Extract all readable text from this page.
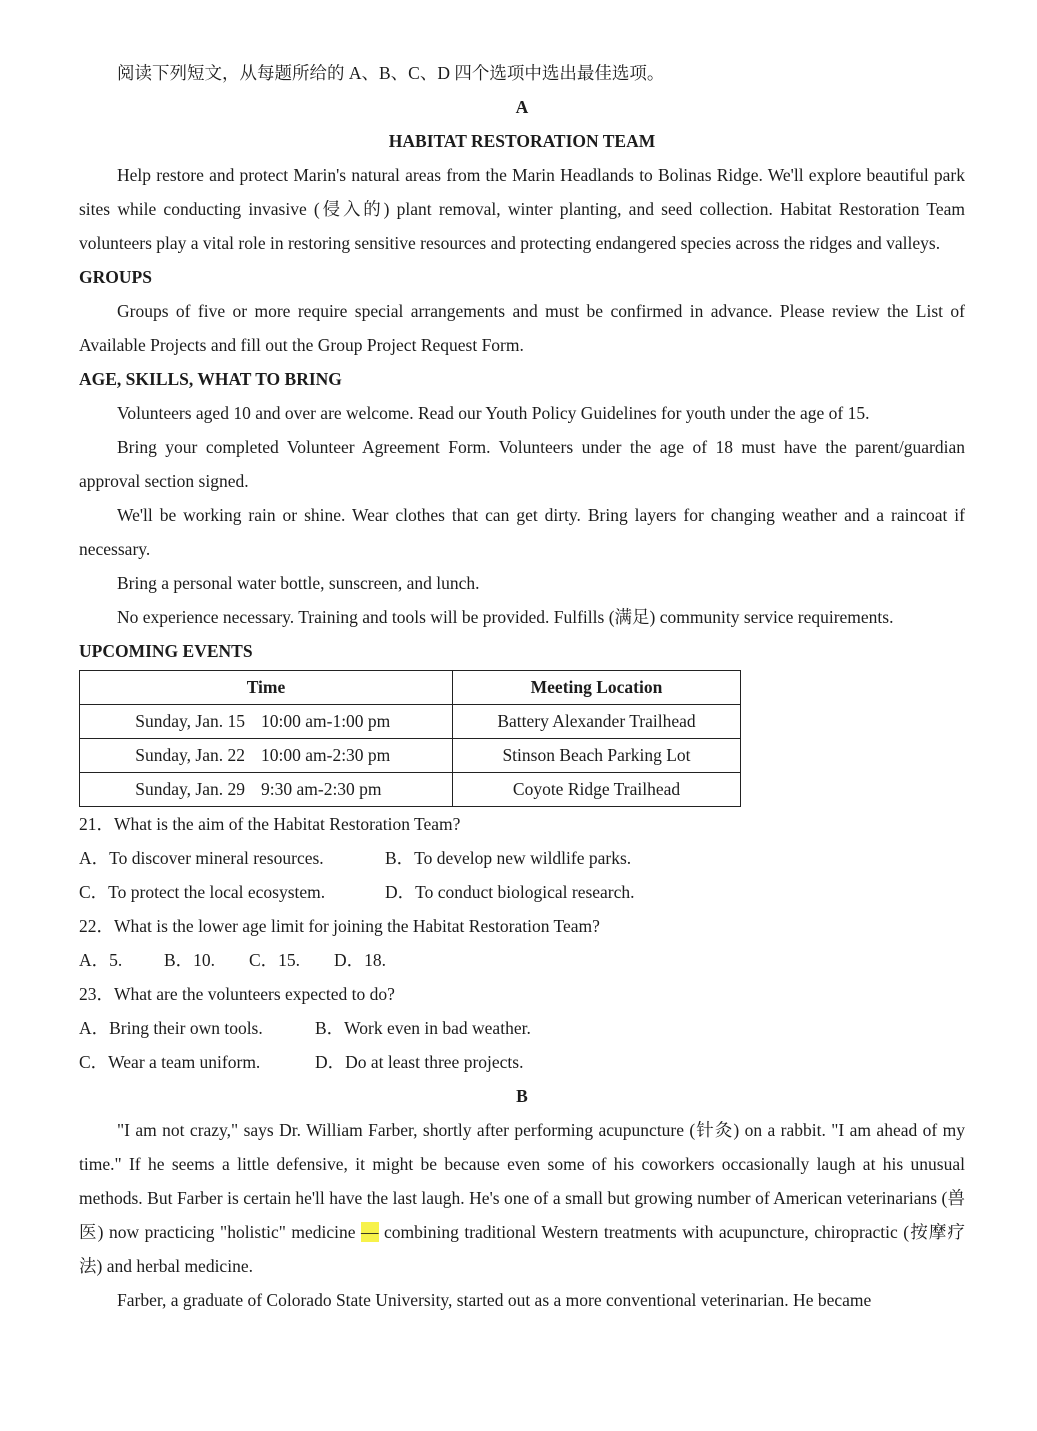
阅读下列短文，从每题所给的 A、B、C、D 四个选项中选出最佳选项。

A

HABITAT RESTORATION TEAM

Help restore and protect Marin's natural areas from the Marin Headlands to Bolinas Ridge. We'll explore beautiful park sites while conducting invasive (侵入的) plant removal, winter planting, and seed collection. Habitat Restoration Team volunteers play a vital role in restoring sensitive resources and protecting endangered species across the ridges and valleys.

GROUPS

Groups of five or more require special arrangements and must be confirmed in advance. Please review the List of Available Projects and fill out the Group Project Request Form.

AGE, SKILLS, WHAT TO BRING

Volunteers aged 10 and over are welcome. Read our Youth Policy Guidelines for youth under the age of 15.

Bring your completed Volunteer Agreement Form. Volunteers under the age of 18 must have the parent/guardian approval section signed.

We'll be working rain or shine. Wear clothes that can get dirty. Bring layers for changing weather and a raincoat if necessary.

Bring a personal water bottle, sunscreen, and lunch.

No experience necessary. Training and tools will be provided. Fulfills (满足) community service requirements.

UPCOMING EVENTS

Time	Meeting Location
Sunday, Jan. 15 10:00 am-1:00 pm	Battery Alexander Trailhead
Sunday, Jan. 22 10:00 am-2:30 pm	Stinson Beach Parking Lot
Sunday, Jan. 29 9:30 am-2:30 pm	Coyote Ridge Trailhead

21．What is the aim of the Habitat Restoration Team?

A．To discover mineral resources.	B．To develop new wildlife parks.
C．To protect the local ecosystem.	D．To conduct biological research.

22．What is the lower age limit for joining the Habitat Restoration Team?

A．5.	B．10.	C．15.	D．18.

23．What are the volunteers expected to do?

A．Bring their own tools.	B．Work even in bad weather.
C．Wear a team uniform.	D．Do at least three projects.

B

"I am not crazy," says Dr. William Farber, shortly after performing acupuncture (针灸) on a rabbit. "I am ahead of my time." If he seems a little defensive, it might be because even some of his coworkers occasionally laugh at his unusual methods. But Farber is certain he'll have the last laugh. He's one of a small but growing number of American veterinarians (兽医) now practicing "holistic" medicine — combining traditional Western treatments with acupuncture, chiropractic (按摩疗法) and herbal medicine.

Farber, a graduate of Colorado State University, started out as a more conventional veterinarian. He became
